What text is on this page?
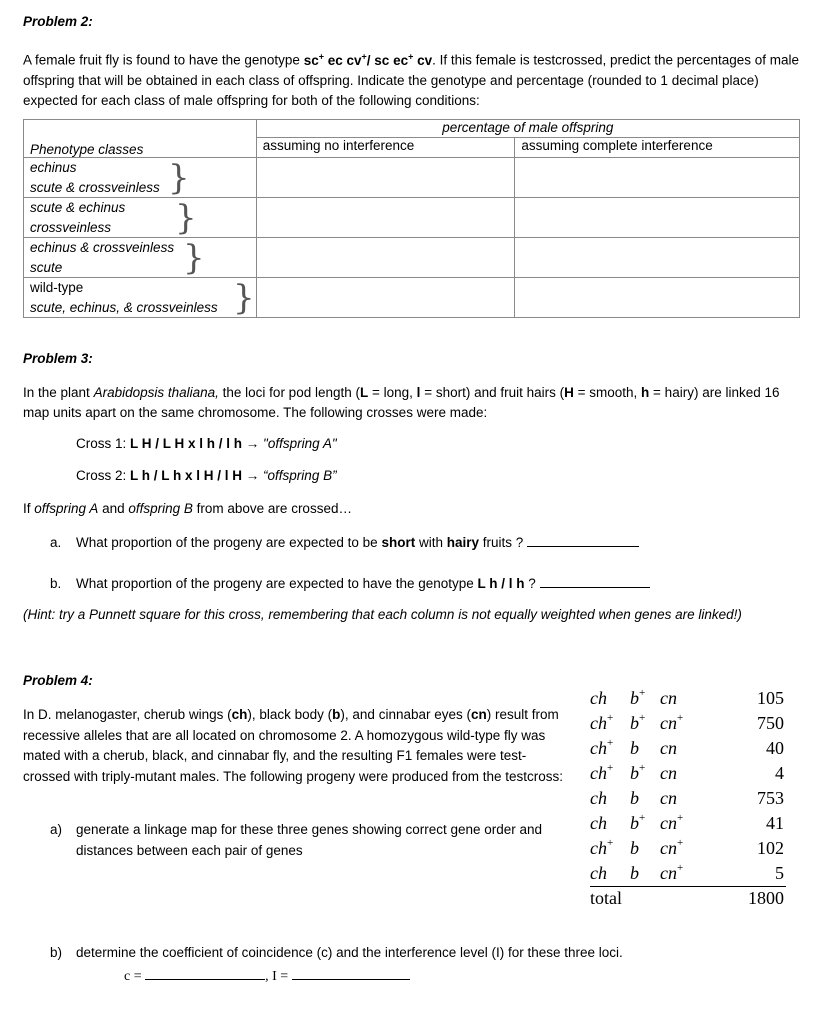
Problem 2:
A female fruit fly is found to have the genotype sc+ ec cv+/ sc ec+ cv. If this female is testcrossed, predict the percentages of male offspring that will be obtained in each class of offspring. Indicate the genotype and percentage (rounded to 1 decimal place) expected for each class of male offspring for both of the following conditions:
	percentage of male offspring	
Phenotype classes	assuming no interference	assuming complete interference

echinus
scute & crossveinless }		

scute & echinus
crossveinless }		

echinus & crossveinless
scute }		

wild-type
scute, echinus, & crossveinless }		

Problem 3:
In the plant Arabidopsis thaliana, the loci for pod length (L = long, l = short) and fruit hairs (H = smooth, h = hairy) are linked 16 map units apart on the same chromosome. The following crosses were made:
Cross 1: L H / L H x l h / l h → "offspring A"
Cross 2: L h / L h x l H / l H → “offspring B”
If offspring A and offspring B from above are crossed…
a. What proportion of the progeny are expected to be short with hairy fruits ?
b. What proportion of the progeny are expected to have the genotype L h / l h ?
(Hint: try a Punnett square for this cross, remembering that each column is not equally weighted when genes are linked!)
Problem 4:
In D. melanogaster, cherub wings (ch), black body (b), and cinnabar eyes (cn) result from recessive alleles that are all located on chromosome 2. A homozygous wild-type fly was mated with a cherub, black, and cinnabar fly, and the resulting F1 females were test-crossed with triply-mutant males. The following progeny were produced from the testcross:
a) generate a linkage map for these three genes showing correct gene order and distances between each pair of genes
b) determine the coefficient of coincidence (c) and the interference level (I) for these three loci.
c =	, I =
ch b+ cn	105
ch+ b+ cn+	750
ch+ b cn	40
ch+ b+ cn	4
ch b cn	753
ch b+ cn+	41
ch+ b cn+	102
ch b cn+	5
total	1800
